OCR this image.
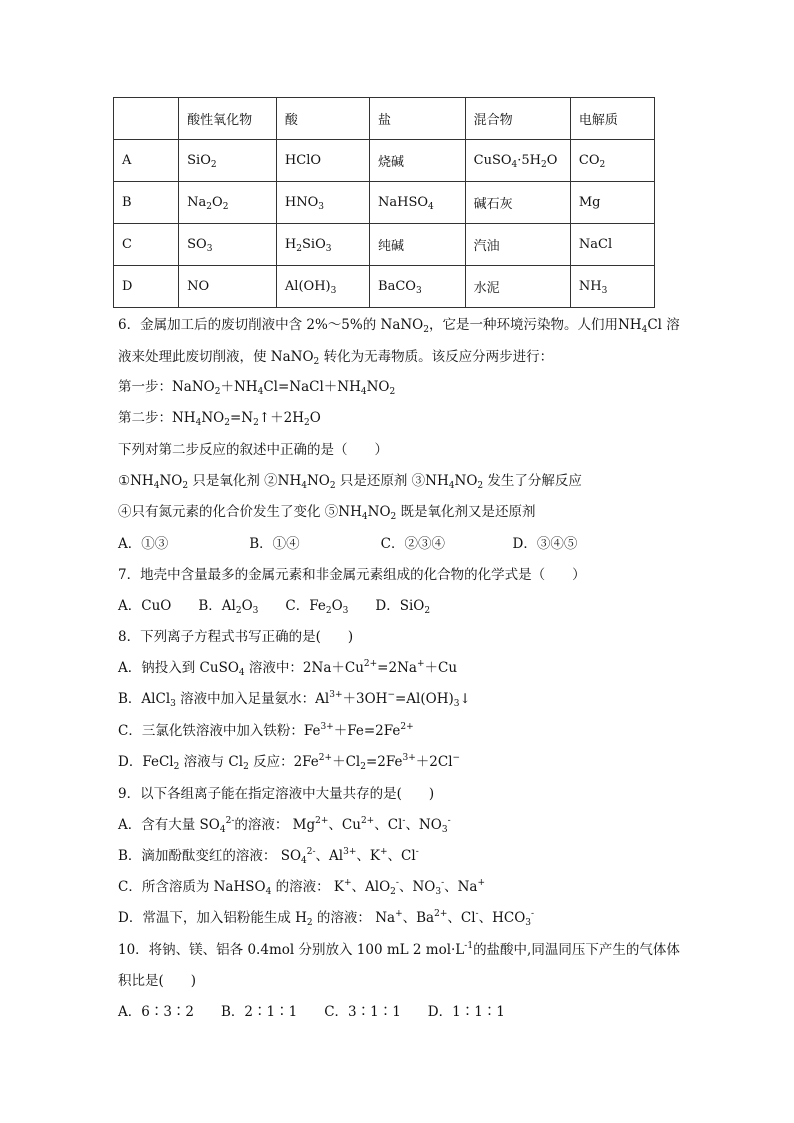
	酸性氧化物	酸	盐	混合物	电解质
A	SiO$_2$	HClO	烧碱	$CuSO_4\cdot 5H_2O$	$CO_2$
B	$Na_2O_2$	$HNO_3$	NaHSO$_4$	碱石灰	Mg
C	$SO_3$	$H_2SiO_3$	纯碱	汽油	NaCl
D	NO	$Al(OH)_3$	BaCO$_3$	水泥	$NH_3$
6．金属加工后的废切削液中含 2%～5%的 NaNO$_2$，它是一种环境污染物。人们用$NH_4Cl$ 溶
液来处理此废切削液，使 NaNO$_2$ 转化为无毒物质。该反应分两步进行：
第一步：$NaNO_2+NH_4Cl=NaCl+NH_4NO_2$
第二步：$NH_4NO_2=N_2↑+2H_2O$
下列对第二步反应的叙述中正确的是（　　）
$①NH_4NO_2$ 只是氧化剂 $②NH_4NO_2$ 只是还原剂 $③NH_4NO_2$ 发生了分解反应
④只有氮元素的化合价发生了变化 $⑤NH_4NO_2$ 既是氧化剂又是还原剂
A．①③　　　　　　B．①④　　　　　　C．②③④　　　　　D．③④⑤
7．地壳中含量最多的金属元素和非金属元素组成的化合物的化学式是（　　）
A．CuO　　B．$Al_2O_3$　　C．$Fe_2O_3$　　D．SiO$_2$
8．下列离子方程式书写正确的是(　　)
A．钠投入到 CuSO$_4$ 溶液中：$2Na+Cu^{2+}=2Na^++Cu$
B．AlCl$_3$ 溶液中加入足量氨水：$Al^{3+}+3OH^-=Al(OH)_3↓$
C．三氯化铁溶液中加入铁粉：$Fe^{3+}+Fe=2Fe^{2+}$
D．FeCl$_2$ 溶液与 $Cl_2$ 反应：$2Fe^{2+}+Cl_2=2Fe^{3+}+2Cl^-$
9．以下各组离子能在指定溶液中大量共存的是(　　)
A．含有大量 $SO_4^{2-}$的溶液： $Mg^{2+}$、$Cu^{2+}$、Cl-、$NO_3^-$
B．滴加酚酞变红的溶液： $SO_4^{2-}$、$Al^{3+}$、K+、Cl-
C．所含溶质为 NaHSO$_4$ 的溶液： K+、AlO$_2$-、$NO_3^-$、Na+
D．常温下，加入铝粉能生成 $H_2$ 的溶液： Na+、$Ba^{2+}$、Cl-、$HCO_3^-$
10．将钠、镁、铝各 0.4mol 分别放入 100 mL 2 $mol\cdot L^{-1}$的盐酸中,同温同压下产生的气体体
积比是(　　)
A．6∶3∶2　　B．2∶1∶1　　C．3∶1∶1　　D．1∶1∶1
